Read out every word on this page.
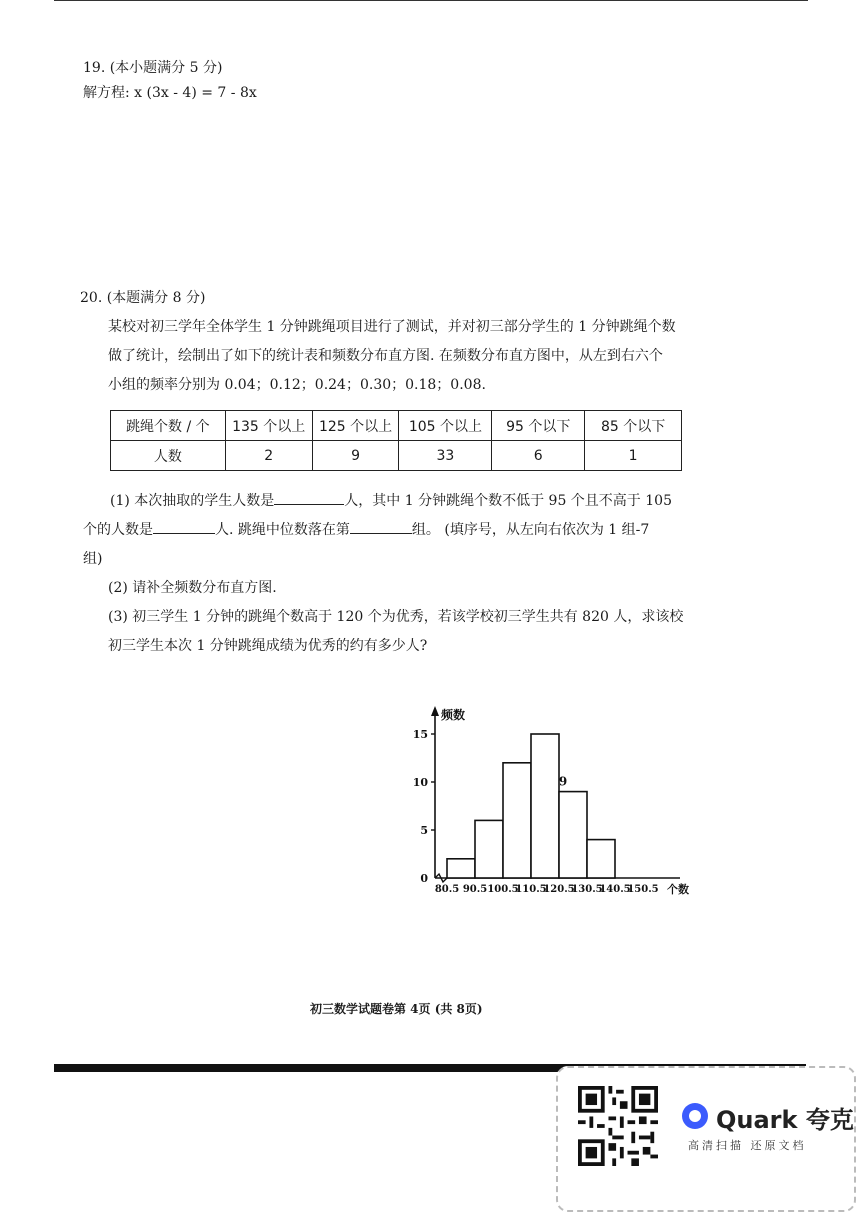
19. (本小题满分 5 分)
解方程: x (3x - 4) = 7 - 8x
20. (本题满分 8 分)
某校对初三学年全体学生 1 分钟跳绳项目进行了测试，并对初三部分学生的 1 分钟跳绳个数
做了统计，绘制出了如下的统计表和频数分布直方图. 在频数分布直方图中，从左到右六个
小组的频率分别为 0.04；0.12；0.24；0.30；0.18；0.08.
跳绳个数 / 个	135 个以上	125 个以上	105 个以上	95 个以下	85 个以下
人数	2	9	33	6	1
(1) 本次抽取的学生人数是	人，其中 1 分钟跳绳个数不低于 95 个且不高于 105
个的人数是	人. 跳绳中位数落在第	组。 (填序号，从左向右依次为 1 组-7
组)
(2) 请补全频数分布直方图.
(3) 初三学生 1 分钟的跳绳个数高于 120 个为优秀，若该学校初三学生共有 820 人，求该校
初三学生本次 1 分钟跳绳成绩为优秀的约有多少人?
0
5
10
15
频数
9
80.5 90.5 100.5
110.5
120.5
130.5
140.5
150.5 个数
初三数学试题卷第 4页 (共 8页)
Quark 夸克
高清扫描 还原文档
